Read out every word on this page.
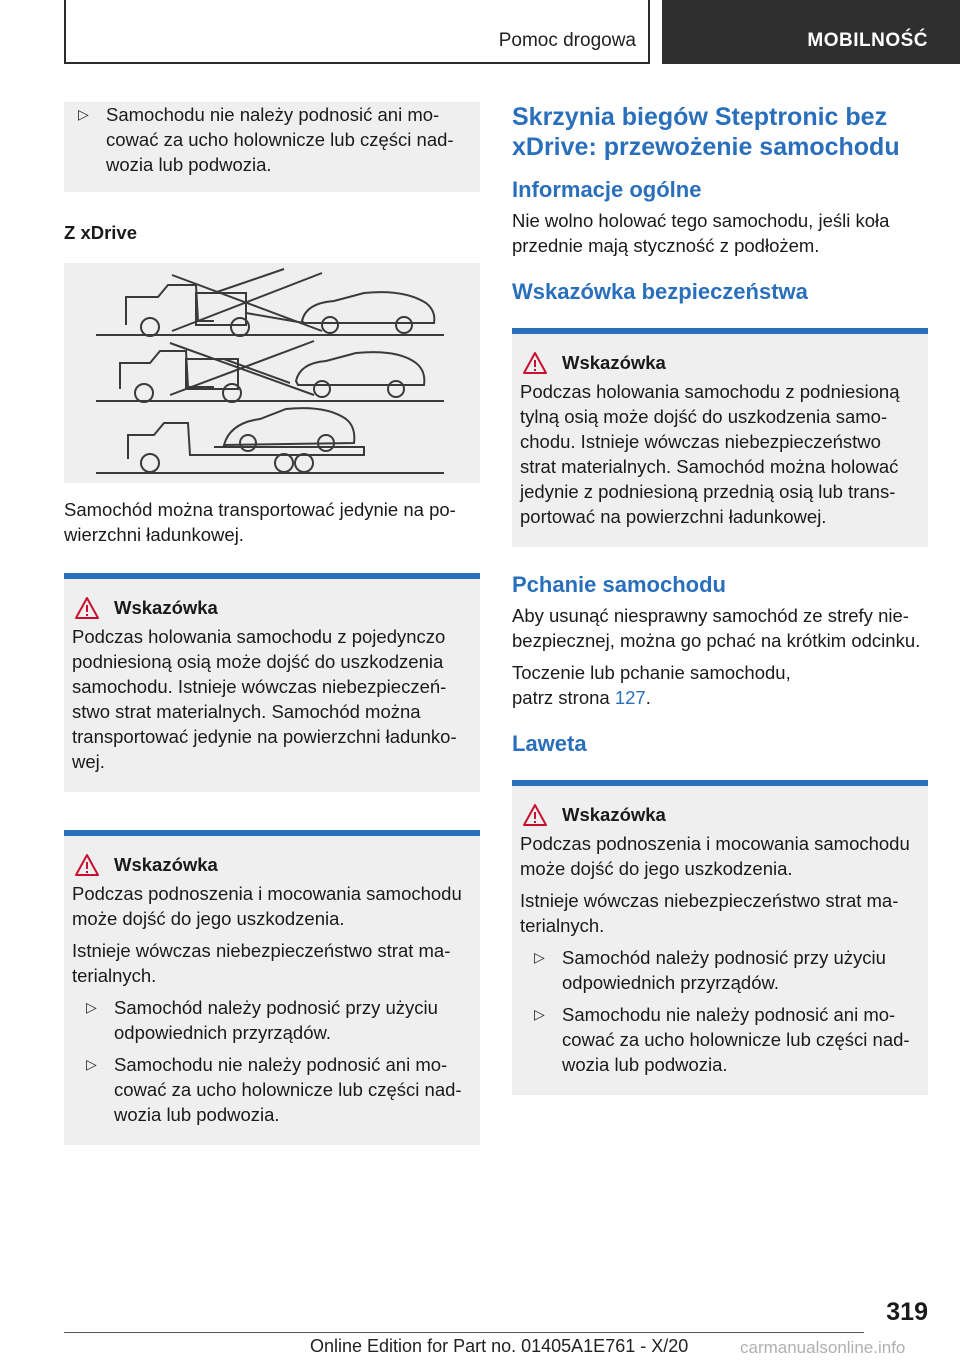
Pomoc drogowa	MOBILNOŚĆ
▷ Samochodu nie należy podnosić ani mocować za ucho holownicze lub części nadwozia lub podwozia.

Z xDrive

Samochód można transportować jedynie na powierzchni ładunkowej.

Wskazówka

Podczas holowania samochodu z pojedynczo podniesioną osią może dojść do uszkodzenia samochodu. Istnieje wówczas niebezpieczeństwo strat materialnych. Samochód można transportować jedynie na powierzchni ładunkowej.

Wskazówka

Podczas podnoszenia i mocowania samochodu może dojść do jego uszkodzenia.

Istnieje wówczas niebezpieczeństwo strat materialnych.

▷ Samochód należy podnosić przy użyciu odpowiednich przyrządów.
▷ Samochodu nie należy podnosić ani mocować za ucho holownicze lub części nadwozia lub podwozia.
Skrzynia biegów Steptronic bez xDrive: przewożenie samochodu
Informacje ogólne

Nie wolno holować tego samochodu, jeśli koła przednie mają styczność z podłożem.

Wskazówka bezpieczeństwa
Wskazówka

Podczas holowania samochodu z podniesioną tylną osią może dojść do uszkodzenia samochodu. Istnieje wówczas niebezpieczeństwo strat materialnych. Samochód można holować jedynie z podniesioną przednią osią lub transportować na powierzchni ładunkowej.

Pchanie samochodu

Aby usunąć niesprawny samochód ze strefy niebezpiecznej, można go pchać na krótkim odcinku.

Toczenie lub pchanie samochodu, patrz strona 127.

Laweta
Wskazówka

Podczas podnoszenia i mocowania samochodu może dojść do jego uszkodzenia.

Istnieje wówczas niebezpieczeństwo strat materialnych.

▷ Samochód należy podnosić przy użyciu odpowiednich przyrządów.
▷ Samochodu nie należy podnosić ani mocować za ucho holownicze lub części nadwozia lub podwozia.
319
Online Edition for Part no. 01405A1E761 - X/20	carmanualsonline.info
